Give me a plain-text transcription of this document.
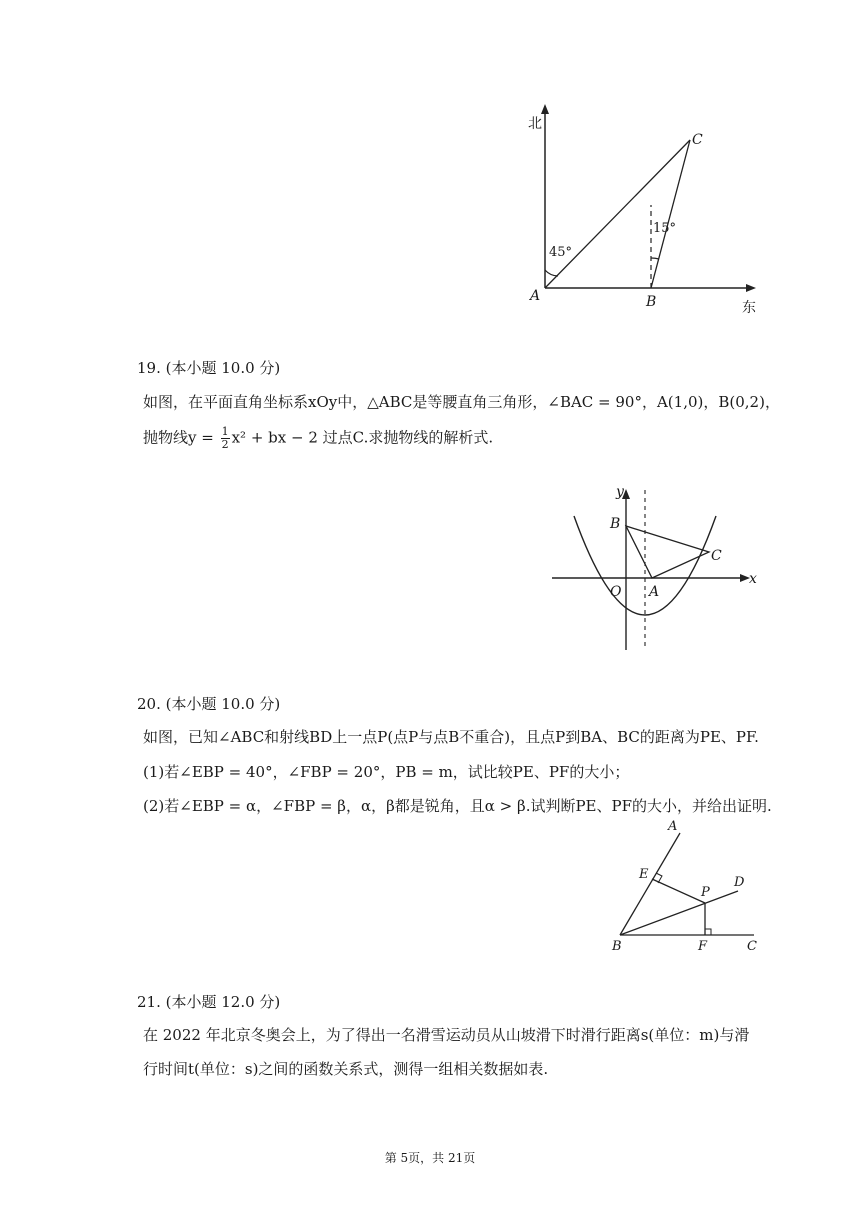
北
东
45°
15°
A	B
C
19. (本小题 10.0 分)
如图，在平面直角坐标系xOy中，△ABC是等腰直角三角形，∠BAC = 90°，A(1,0)，B(0,2)，
抛物线$y = \frac{1}{2} x^2$ + bx − 2 过点C.求抛物线的解析式.
y
x
O A
B
C
20. (本小题 10.0 分)
如图，已知∠ABC和射线BD上一点P(点P与点B不重合)，且点P到BA、BC的距离为PE、PF.
(1)若∠EBP = 40°，∠FBP = 20°，PB = m，试比较PE、PF的大小；
(2)若∠EBP = α，∠FBP = β，α，β都是锐角，且α > β.试判断PE、PF的大小，并给出证明.
A
E
D
P
B	F	C
21. (本小题 12.0 分)
在 2022 年北京冬奥会上，为了得出一名滑雪运动员从山坡滑下时滑行距离s(单位：m)与滑
行时间t(单位：s)之间的函数关系式，测得一组相关数据如表.
第 5页，共 21页
